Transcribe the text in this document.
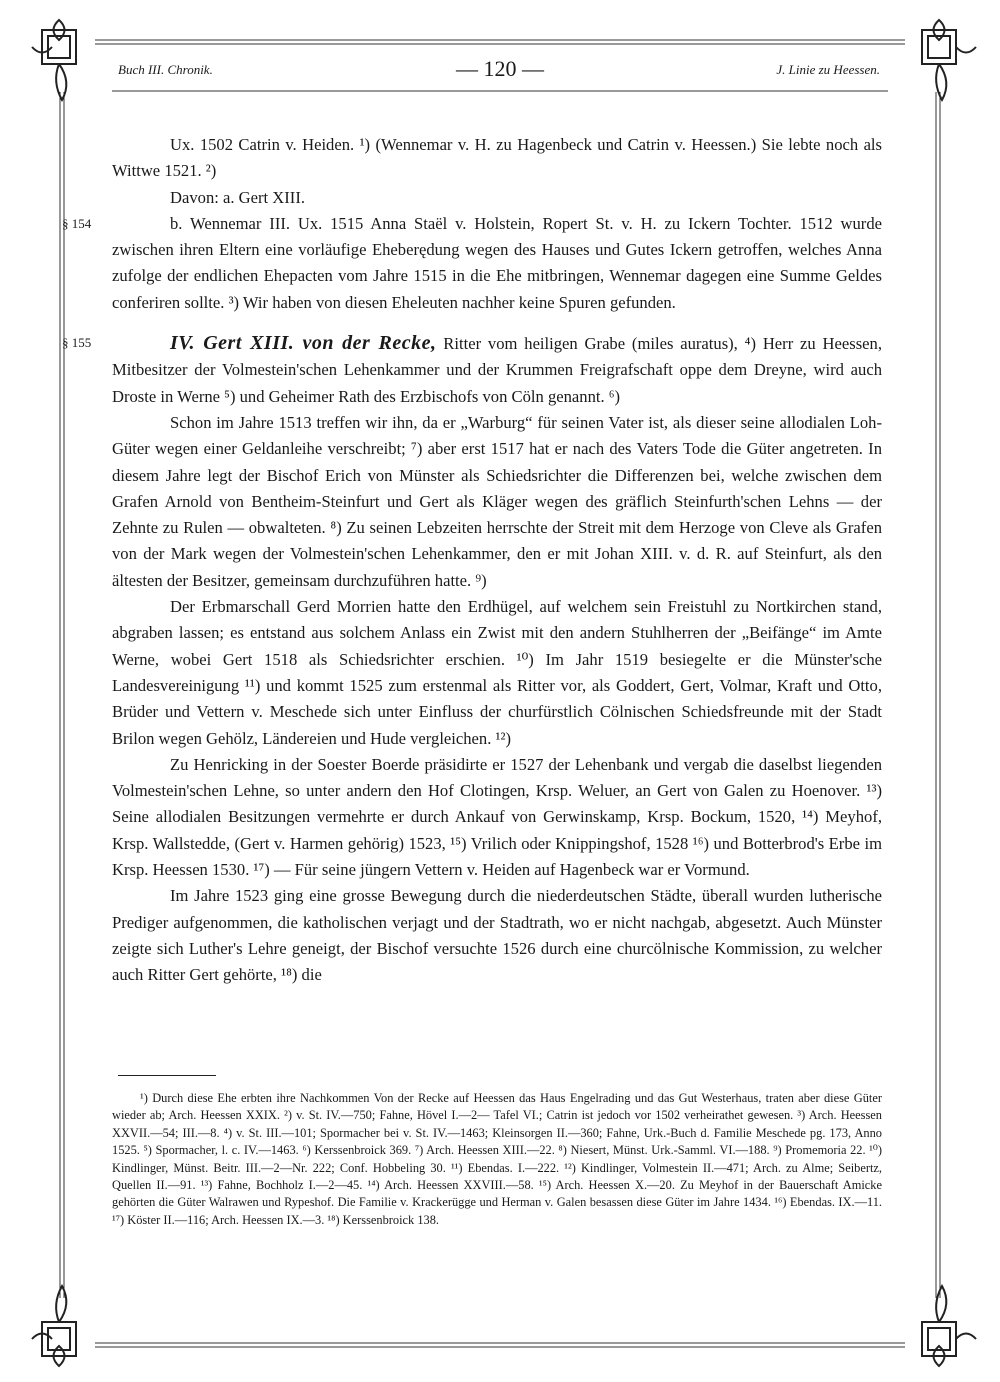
Buch III. Chronik.	— 120 —	J. Linie zu Heessen.

Ux. 1502 Catrin v. Heiden. ¹) (Wennemar v. H. zu Hagenbeck und Catrin v. Heessen.) Sie lebte noch als Wittwe 1521. ²)

Davon: a. Gert XIII.

§ 154	b. Wennemar III. Ux. 1515 Anna Staël v. Holstein, Ropert St. v. H. zu Ickern Tochter. 1512 wurde zwischen ihren Eltern eine vorläufige Eheberędung wegen des Hauses und Gutes Ickern getroffen, welches Anna zufolge der endlichen Ehepacten vom Jahre 1515 in die Ehe mitbringen, Wennemar dagegen eine Summe Geldes conferiren sollte. ³) Wir haben von diesen Eheleuten nachher keine Spuren gefunden.

§ 155	IV. Gert XIII. von der Recke, Ritter vom heiligen Grabe (miles auratus), ⁴) Herr zu Heessen, Mitbesitzer der Volmestein'schen Lehenkammer und der Krummen Freigrafschaft oppe dem Dreyne, wird auch Droste in Werne ⁵) und Geheimer Rath des Erzbischofs von Cöln genannt. ⁶)

Schon im Jahre 1513 treffen wir ihn, da er „Warburg“ für seinen Vater ist, als dieser seine allodialen Loh-Güter wegen einer Geldanleihe verschreibt; ⁷) aber erst 1517 hat er nach des Vaters Tode die Güter angetreten. In diesem Jahre legt der Bischof Erich von Münster als Schiedsrichter die Differenzen bei, welche zwischen dem Grafen Arnold von Bentheim-Steinfurt und Gert als Kläger wegen des gräflich Steinfurth'schen Lehns — der Zehnte zu Rulen — obwalteten. ⁸) Zu seinen Lebzeiten herrschte der Streit mit dem Herzoge von Cleve als Grafen von der Mark wegen der Volmestein'schen Lehenkammer, den er mit Johan XIII. v. d. R. auf Steinfurt, als den ältesten der Besitzer, gemeinsam durchzuführen hatte. ⁹)

Der Erbmarschall Gerd Morrien hatte den Erdhügel, auf welchem sein Freistuhl zu Nortkirchen stand, abgraben lassen; es entstand aus solchem Anlass ein Zwist mit den andern Stuhlherren der „Beifänge“ im Amte Werne, wobei Gert 1518 als Schiedsrichter erschien. ¹⁰) Im Jahr 1519 besiegelte er die Münster'sche Landesvereinigung ¹¹) und kommt 1525 zum erstenmal als Ritter vor, als Goddert, Gert, Volmar, Kraft und Otto, Brüder und Vettern v. Meschede sich unter Einfluss der churfürstlich Cölnischen Schiedsfreunde mit der Stadt Brilon wegen Gehölz, Ländereien und Hude vergleichen. ¹²)

Zu Henricking in der Soester Boerde präsidirte er 1527 der Lehenbank und vergab die daselbst liegenden Volmestein'schen Lehne, so unter andern den Hof Clotingen, Krsp. Weluer, an Gert von Galen zu Hoenover. ¹³) Seine allodialen Besitzungen vermehrte er durch Ankauf von Gerwinskamp, Krsp. Bockum, 1520, ¹⁴) Meyhof, Krsp. Wallstedde, (Gert v. Harmen gehörig) 1523, ¹⁵) Vrilich oder Knippingshof, 1528 ¹⁶) und Botterbrod's Erbe im Krsp. Heessen 1530. ¹⁷) — Für seine jüngern Vettern v. Heiden auf Hagenbeck war er Vormund.

Im Jahre 1523 ging eine grosse Bewegung durch die niederdeutschen Städte, überall wurden lutherische Prediger aufgenommen, die katholischen verjagt und der Stadtrath, wo er nicht nachgab, abgesetzt. Auch Münster zeigte sich Luther's Lehre geneigt, der Bischof versuchte 1526 durch eine churcölnische Kommission, zu welcher auch Ritter Gert gehörte, ¹⁸) die

¹) Durch diese Ehe erbten ihre Nachkommen Von der Recke auf Heessen das Haus Engelrading und das Gut Westerhaus, traten aber diese Güter wieder ab; Arch. Heessen XXIX. ²) v. St. IV.—750; Fahne, Hövel I.—2— Tafel VI.; Catrin ist jedoch vor 1502 verheirathet gewesen. ³) Arch. Heessen XXVII.—54; III.—8. ⁴) v. St. III.—101; Spormacher bei v. St. IV.—1463; Kleinsorgen II.—360; Fahne, Urk.-Buch d. Familie Meschede pg. 173, Anno 1525. ⁵) Spormacher, l. c. IV.—1463. ⁶) Kerssenbroick 369. ⁷) Arch. Heessen XIII.—22. ⁸) Niesert, Münst. Urk.-Samml. VI.—188. ⁹) Promemoria 22. ¹⁰) Kindlinger, Münst. Beitr. III.—2—Nr. 222; Conf. Hobbeling 30. ¹¹) Ebendas. I.—222. ¹²) Kindlinger, Volmestein II.—471; Arch. zu Alme; Seibertz, Quellen II.—91. ¹³) Fahne, Bochholz I.—2—45. ¹⁴) Arch. Heessen XXVIII.—58. ¹⁵) Arch. Heessen X.—20. Zu Meyhof in der Bauerschaft Amicke gehörten die Güter Walrawen und Rypeshof. Die Familie v. Krackerügge und Herman v. Galen besassen diese Güter im Jahre 1434. ¹⁶) Ebendas. IX.—11. ¹⁷) Köster II.—116; Arch. Heessen IX.—3. ¹⁸) Kerssenbroick 138.
